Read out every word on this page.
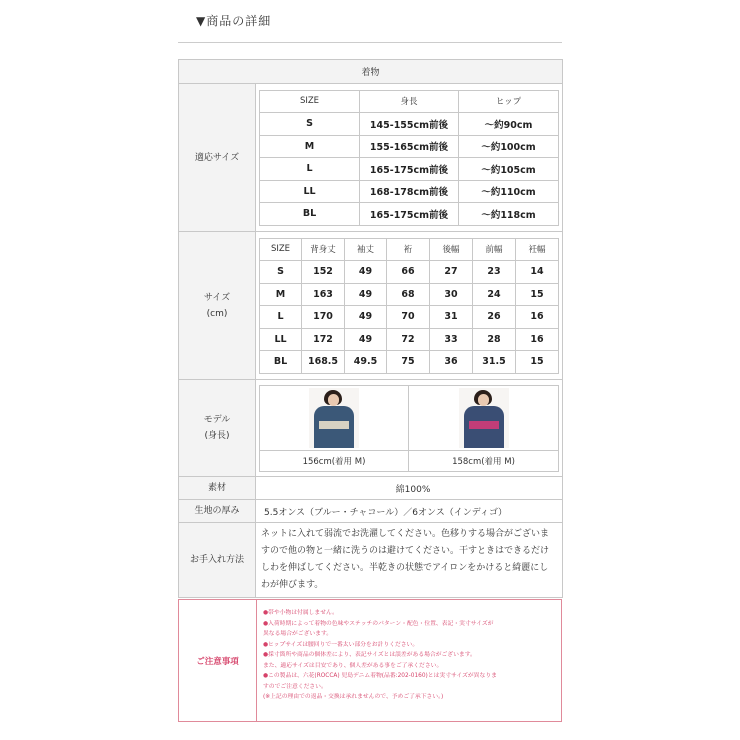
▼商品の詳細
着物
適応サイズ	
SIZE	身長	ヒップ
S	145-155cm前後	～約90cm
M	155-165cm前後	～約100cm
L	165-175cm前後	～約105cm
LL	168-178cm前後	～約110cm
BL	165-175cm前後	～約118cm

サイズ
(cm)

SIZE	背身丈	袖丈	裄	後幅	前幅	衽幅
S	152	49	66	27	23	14
M	163	49	68	30	24	15
L	170	49	70	31	26	16
LL	172	49	72	33	28	16
BL	168.5	49.5	75	36	31.5	15

モデル
(身長)

156cm(着用 M)	158cm(着用 M)

素材	綿100%
生地の厚み	5.5オンス（ブルー・チャコール）／6オンス（インディゴ）
お手入れ方法	ネットに入れて弱流でお洗濯してください。色移りする場合がございますので他の物と一緒に洗うのは避けてください。干すときはできるだけしわを伸ばしてください。半乾きの状態でアイロンをかけると綺麗にしわが伸びます。
ご注意事項
●帯や小物は付属しません。
●入荷時期によって着物の色味やステッチのパターン・配色・位置、表記・実寸サイズが
異なる場合がございます。
●ヒップサイズは腰回りで一番太い部分をお計りください。
●採寸箇所や商品の個体差により、表記サイズとは誤差がある場合がございます。
また、適応サイズは目安であり、個人差がある事をご了承ください。
●この製品は、六花(ROCCA) 児島デニム着物(品番:202-0160)とは実寸サイズが異なりま
すのでご注意ください。
(※上記の理由での返品・交換は承れませんので、予めご了承下さい。)
